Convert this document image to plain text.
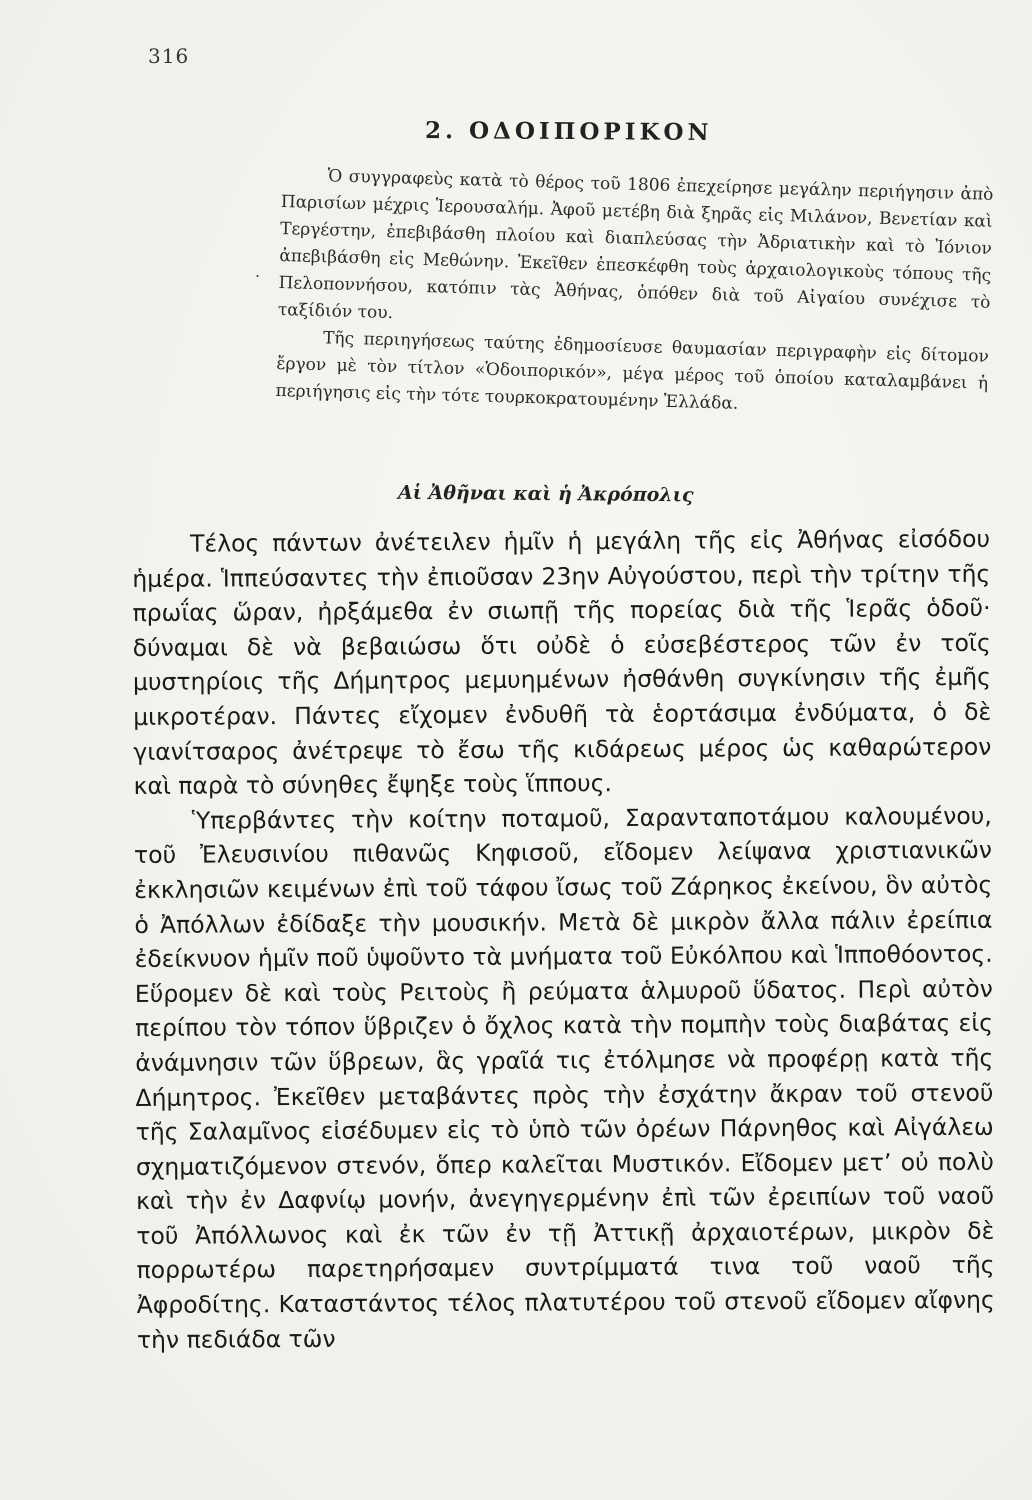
316
2. ΟΔΟΙΠΟΡΙΚΟΝ
.

Ὁ συγγραφεὺς κατὰ τὸ θέρος τοῦ 1806 ἐπεχείρησε μεγάλην περιήγησιν ἀπὸ Παρισίων μέχρις Ἱερουσαλήμ. Ἀφοῦ μετέβη διὰ ξηρᾶς εἰς Μιλάνον, Βενετίαν καὶ Τεργέστην, ἐπεβιβάσθη πλοίου καὶ διαπλεύσας τὴν Ἀδριατικὴν καὶ τὸ Ἰόνιον ἀπεβιβάσθη εἰς Μεθώνην. Ἐκεῖθεν ἐπεσκέφθη τοὺς ἀρχαιολογικοὺς τόπους τῆς Πελοποννήσου, κατόπιν τὰς Ἀθήνας, ὁπόθεν διὰ τοῦ Αἰγαίου συνέχισε τὸ ταξίδιόν του.

Τῆς περιηγήσεως ταύτης ἐδημοσίευσε θαυμασίαν περιγραφὴν εἰς δίτομον ἔργον μὲ τὸν τίτλον «Ὁδοιπορικόν», μέγα μέρος τοῦ ὁποίου καταλαμβάνει ἡ περιήγησις εἰς τὴν τότε τουρκοκρατουμένην Ἑλλάδα.

Αἱ Ἀθῆναι καὶ ἡ Ἀκρόπολις

Τέλος πάντων ἀνέτειλεν ἡμῖν ἡ μεγάλη τῆς εἰς Ἀθήνας εἰσόδου ἡμέρα. Ἱππεύσαντες τὴν ἐπιοῦσαν 23ην Αὐγούστου, περὶ τὴν τρίτην τῆς πρωΐας ὥραν, ἠρξάμεθα ἐν σιωπῇ τῆς πορείας διὰ τῆς Ἱερᾶς ὁδοῦ· δύναμαι δὲ νὰ βεβαιώσω ὅτι οὐδὲ ὁ εὐσεβέστερος τῶν ἐν τοῖς μυστηρίοις τῆς Δήμητρος μεμυημένων ἠσθάνθη συγκίνησιν τῆς ἐμῆς μικροτέραν. Πάντες εἴχομεν ἐνδυθῆ τὰ ἑορτάσιμα ἐνδύματα, ὁ δὲ γιανίτσαρος ἀνέτρεψε τὸ ἔσω τῆς κιδάρεως μέρος ὡς καθαρώτερον καὶ παρὰ τὸ σύνηθες ἔψηξε τοὺς ἵππους.

Ὑπερβάντες τὴν κοίτην ποταμοῦ, Σαρανταποτάμου καλουμένου, τοῦ Ἐλευσινίου πιθανῶς Κηφισοῦ, εἴδομεν λείψανα χριστιανικῶν ἐκκλησιῶν κειμένων ἐπὶ τοῦ τάφου ἴσως τοῦ Ζάρηκος ἐκείνου, ὃν αὐτὸς ὁ Ἀπόλλων ἐδίδαξε τὴν μουσικήν. Μετὰ δὲ μικρὸν ἄλλα πάλιν ἐρείπια ἐδείκνυον ἡμῖν ποῦ ὑψοῦντο τὰ μνήματα τοῦ Εὐκόλπου καὶ Ἱπποθόοντος. Εὕρομεν δὲ καὶ τοὺς Ρειτοὺς ἢ ρεύματα ἁλμυροῦ ὕδατος. Περὶ αὐτὸν περίπου τὸν τόπον ὕβριζεν ὁ ὄχλος κατὰ τὴν πομπὴν τοὺς διαβάτας εἰς ἀνάμνησιν τῶν ὕβρεων, ἃς γραῖά τις ἐτόλμησε νὰ προφέρῃ κατὰ τῆς Δήμητρος. Ἐκεῖθεν μεταβάντες πρὸς τὴν ἐσχάτην ἄκραν τοῦ στενοῦ τῆς Σαλαμῖνος εἰσέδυμεν εἰς τὸ ὑπὸ τῶν ὀρέων Πάρνηθος καὶ Αἰγάλεω σχηματιζόμενον στενόν, ὅπερ καλεῖται Μυστικόν. Εἴδομεν μετ’ οὐ πολὺ καὶ τὴν ἐν Δαφνίῳ μονήν, ἀνεγηγερμένην ἐπὶ τῶν ἐρειπίων τοῦ ναοῦ τοῦ Ἀπόλλωνος καὶ ἐκ τῶν ἐν τῇ Ἀττικῇ ἀρχαιοτέρων, μικρὸν δὲ πορρωτέρω παρετηρήσαμεν συντρίμματά τινα τοῦ ναοῦ τῆς Ἀφροδίτης. Καταστάντος τέλος πλατυτέρου τοῦ στενοῦ εἴδομεν αἴφνης τὴν πεδιάδα τῶν
